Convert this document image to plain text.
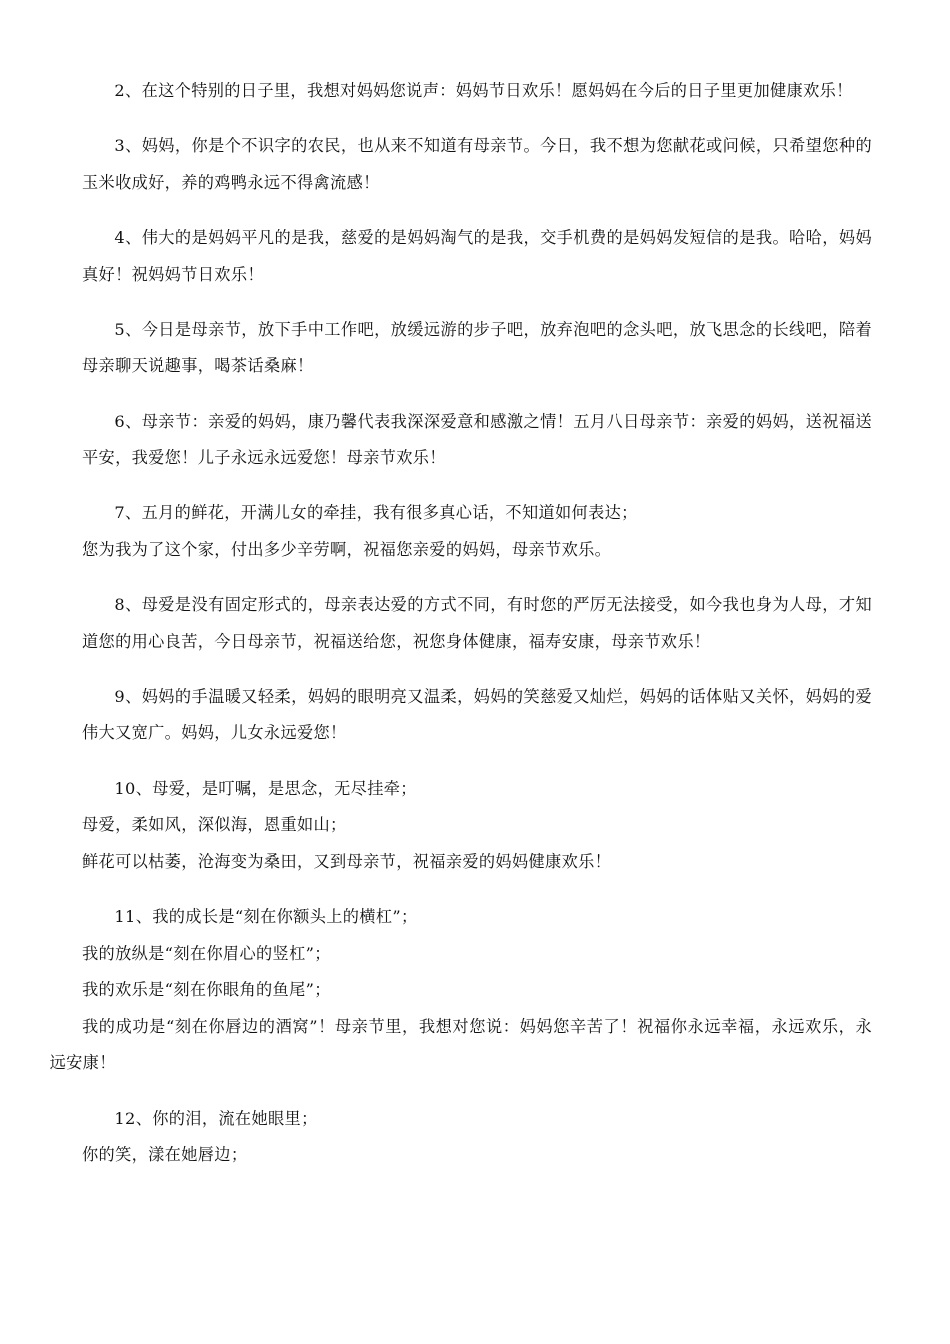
2、在这个特别的日子里，我想对妈妈您说声：妈妈节日欢乐！愿妈妈在今后的日子里更加健康欢乐！

3、妈妈，你是个不识字的农民，也从来不知道有母亲节。今日，我不想为您献花或问候，只希望您种的玉米收成好，养的鸡鸭永远不得禽流感！

4、伟大的是妈妈平凡的是我，慈爱的是妈妈淘气的是我，交手机费的是妈妈发短信的是我。哈哈，妈妈真好！祝妈妈节日欢乐！

5、今日是母亲节，放下手中工作吧，放缓远游的步子吧，放弃泡吧的念头吧，放飞思念的长线吧，陪着母亲聊天说趣事，喝茶话桑麻！

6、母亲节：亲爱的妈妈，康乃馨代表我深深爱意和感激之情！五月八日母亲节：亲爱的妈妈，送祝福送平安，我爱您！儿子永远永远爱您！母亲节欢乐！

7、五月的鲜花，开满儿女的牵挂，我有很多真心话，不知道如何表达；
您为我为了这个家，付出多少辛劳啊，祝福您亲爱的妈妈，母亲节欢乐。

8、母爱是没有固定形式的，母亲表达爱的方式不同，有时您的严厉无法接受，如今我也身为人母，才知道您的用心良苦，今日母亲节，祝福送给您，祝您身体健康，福寿安康，母亲节欢乐！

9、妈妈的手温暖又轻柔，妈妈的眼明亮又温柔，妈妈的笑慈爱又灿烂，妈妈的话体贴又关怀，妈妈的爱伟大又宽广。妈妈，儿女永远爱您！

10、母爱，是叮嘱，是思念，无尽挂牵；
母爱，柔如风，深似海，恩重如山；
鲜花可以枯萎，沧海变为桑田，又到母亲节，祝福亲爱的妈妈健康欢乐！

11、我的成长是“刻在你额头上的横杠”；
我的放纵是“刻在你眉心的竖杠”；
我的欢乐是“刻在你眼角的鱼尾”；
我的成功是“刻在你唇边的酒窝”！母亲节里，我想对您说：妈妈您辛苦了！祝福你永远幸福，永远欢乐，永远安康！

12、你的泪，流在她眼里；
你的笑，漾在她唇边；
